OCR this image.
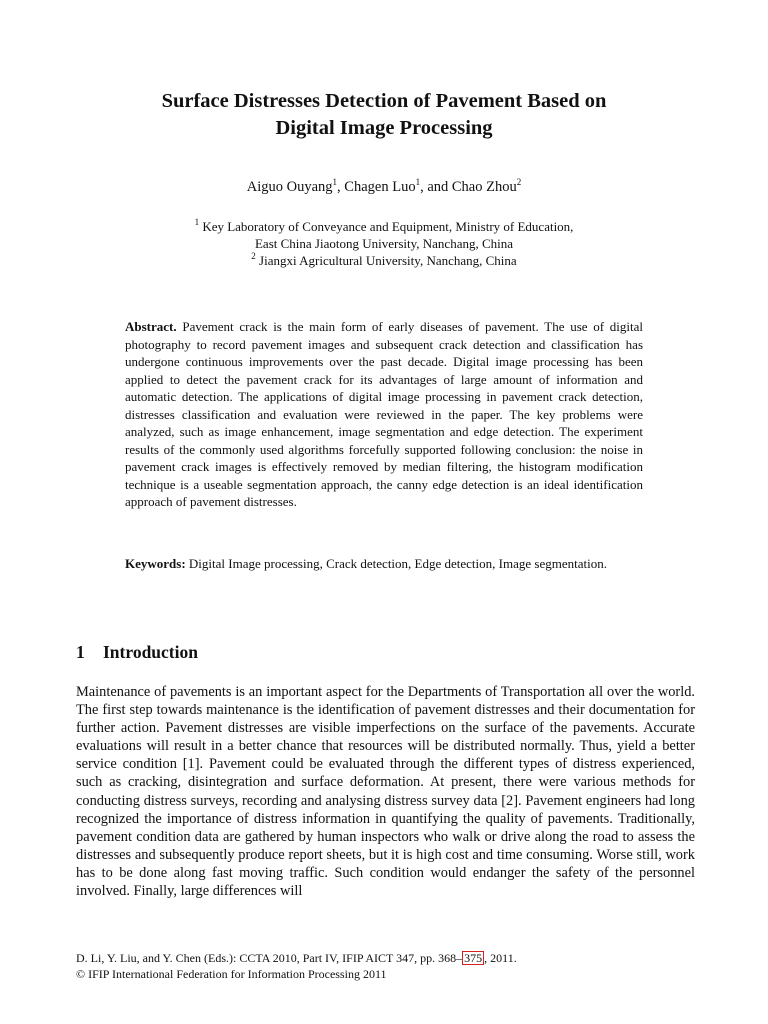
Surface Distresses Detection of Pavement Based on
Digital Image Processing
Aiguo Ouyang$^1$, Chagen Luo$^1$, and Chao Zhou$^2$
$^1$ Key Laboratory of Conveyance and Equipment, Ministry of Education,
East China Jiaotong University, Nanchang, China
$^2$ Jiangxi Agricultural University, Nanchang, China

Abstract. Pavement crack is the main form of early diseases of pavement. The use of digital photography to record pavement images and subsequent crack detection and classification has undergone continuous improvements over the past decade. Digital image processing has been applied to detect the pavement crack for its advantages of large amount of information and automatic detection. The applications of digital image processing in pavement crack detection, distresses classification and evaluation were reviewed in the paper. The key problems were analyzed, such as image enhancement, image segmentation and edge detection. The experiment results of the commonly used algorithms forcefully supported following conclusion: the noise in pavement crack images is effectively removed by median filtering, the histogram modification technique is a useable segmentation approach, the canny edge detection is an ideal identification approach of pavement distresses.

Keywords: Digital Image processing, Crack detection, Edge detection, Image segmentation.

1 Introduction

Maintenance of pavements is an important aspect for the Departments of Transportation all over the world. The first step towards maintenance is the identification of pavement distresses and their documentation for further action. Pavement distresses are visible imperfections on the surface of the pavements. Accurate evaluations will result in a better chance that resources will be distributed normally. Thus, yield a better service condition [1]. Pavement could be evaluated through the different types of distress experienced, such as cracking, disintegration and surface deformation. At present, there were various methods for conducting distress surveys, recording and analysing distress survey data [2]. Pavement engineers had long recognized the importance of distress information in quantifying the quality of pavements. Traditionally, pavement condition data are gathered by human inspectors who walk or drive along the road to assess the distresses and subsequently produce report sheets, but it is high cost and time consuming. Worse still, work has to be done along fast moving traffic. Such condition would endanger the safety of the personnel involved. Finally, large differences will

D. Li, Y. Liu, and Y. Chen (Eds.): CCTA 2010, Part IV, IFIP AICT 347, pp. 368– 375 , 2011.
© IFIP International Federation for Information Processing 2011
